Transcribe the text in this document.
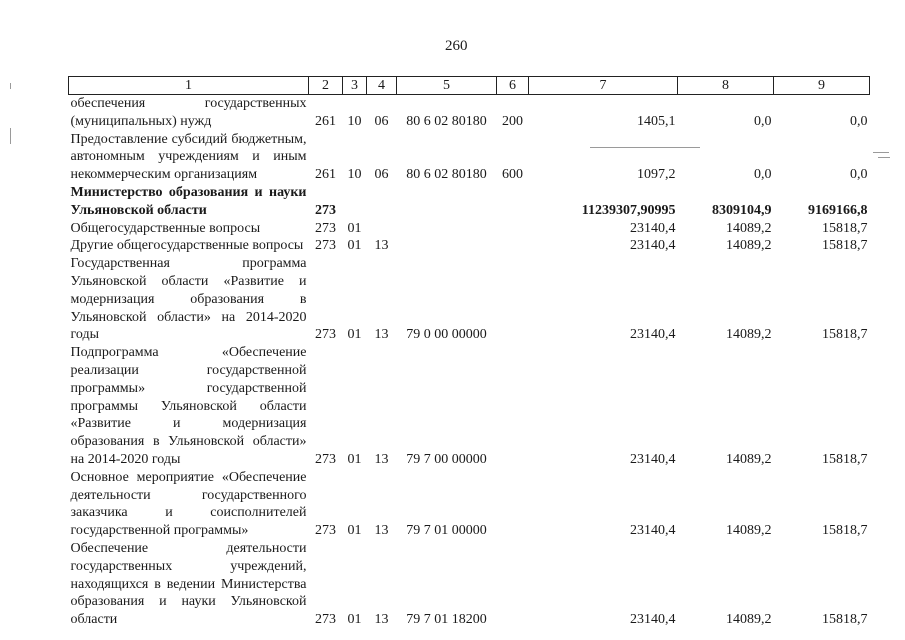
260
1	2	3	4	5	6	7	8	9
обеспечения государственных (муниципальных) нужд	261	10	06	80 6 02 80180	200	1405,1	0,0	0,0
Предоставление субсидий бюджетным, автономным учреждениям и иным некоммерческим организациям	261	10	06	80 6 02 80180	600	1097,2	0,0	0,0
Министерство образования и науки Ульяновской области	273					11239307,90995	8309104,9	9169166,8
Общегосударственные вопросы	273	01				23140,4	14089,2	15818,7
Другие общегосударственные вопросы	273	01	13			23140,4	14089,2	15818,7
Государственная программа Ульяновской области «Развитие и модернизация образования в Ульяновской области» на 2014-2020 годы	273	01	13	79 0 00 00000		23140,4	14089,2	15818,7
Подпрограмма «Обеспечение реализации государственной программы» государственной программы Ульяновской области «Развитие и модернизация образования в Ульяновской области» на 2014-2020 годы	273	01	13	79 7 00 00000		23140,4	14089,2	15818,7
Основное мероприятие «Обеспечение деятельности государственного заказчика и соисполнителей государственной программы»	273	01	13	79 7 01 00000		23140,4	14089,2	15818,7
Обеспечение деятельности государственных учреждений, находящихся в ведении Министерства образования и науки Ульяновской области	273	01	13	79 7 01 18200		23140,4	14089,2	15818,7
